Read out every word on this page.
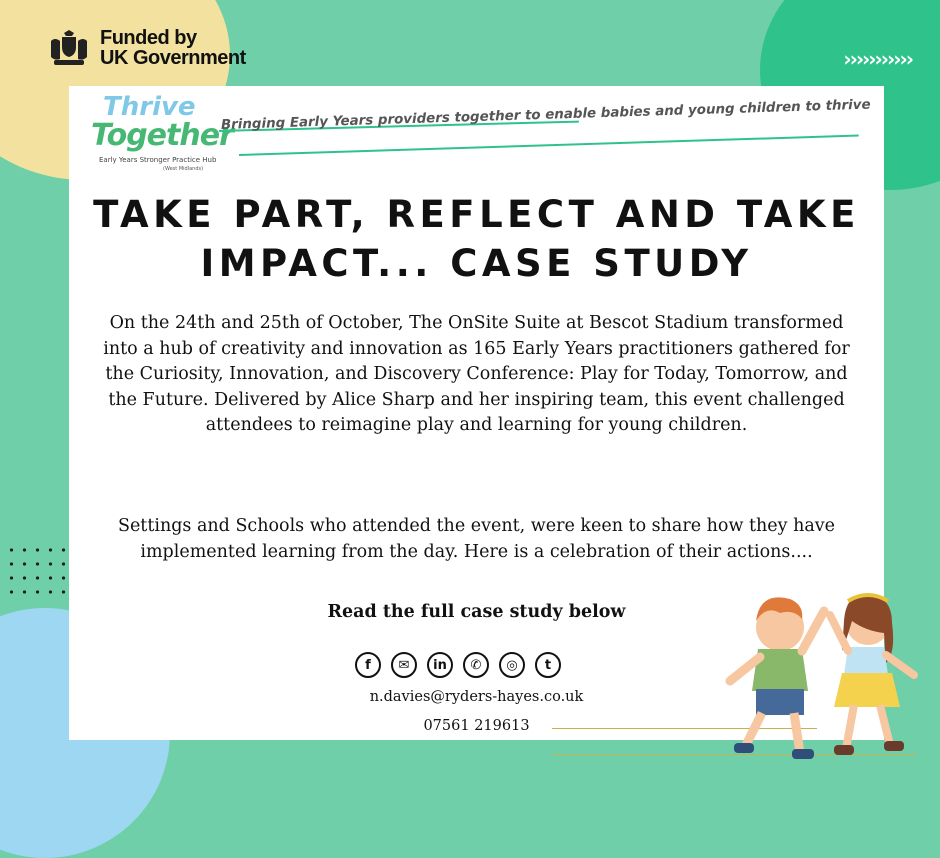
›››››››››››
Funded by
UK Government
Thrive
Together
Early Years Stronger Practice Hub
(West Midlands)
Bringing Early Years providers together to enable babies and young children to thrive
TAKE PART, REFLECT AND TAKE
IMPACT... CASE STUDY
On the 24th and 25th of October, The OnSite Suite at Bescot Stadium transformed into a hub of creativity and innovation as 165 Early Years practitioners gathered for the Curiosity, Innovation, and Discovery Conference: Play for Today, Tomorrow, and the Future. Delivered by Alice Sharp and her inspiring team, this event challenged attendees to reimagine play and learning for young children.
Settings and Schools who attended the event, were keen to share how they have implemented learning from the day. Here is a celebration of their actions....
Read the full case study below
f	✉	in	✆	◎	t
n.davies@ryders-hayes.co.uk
07561 219613
